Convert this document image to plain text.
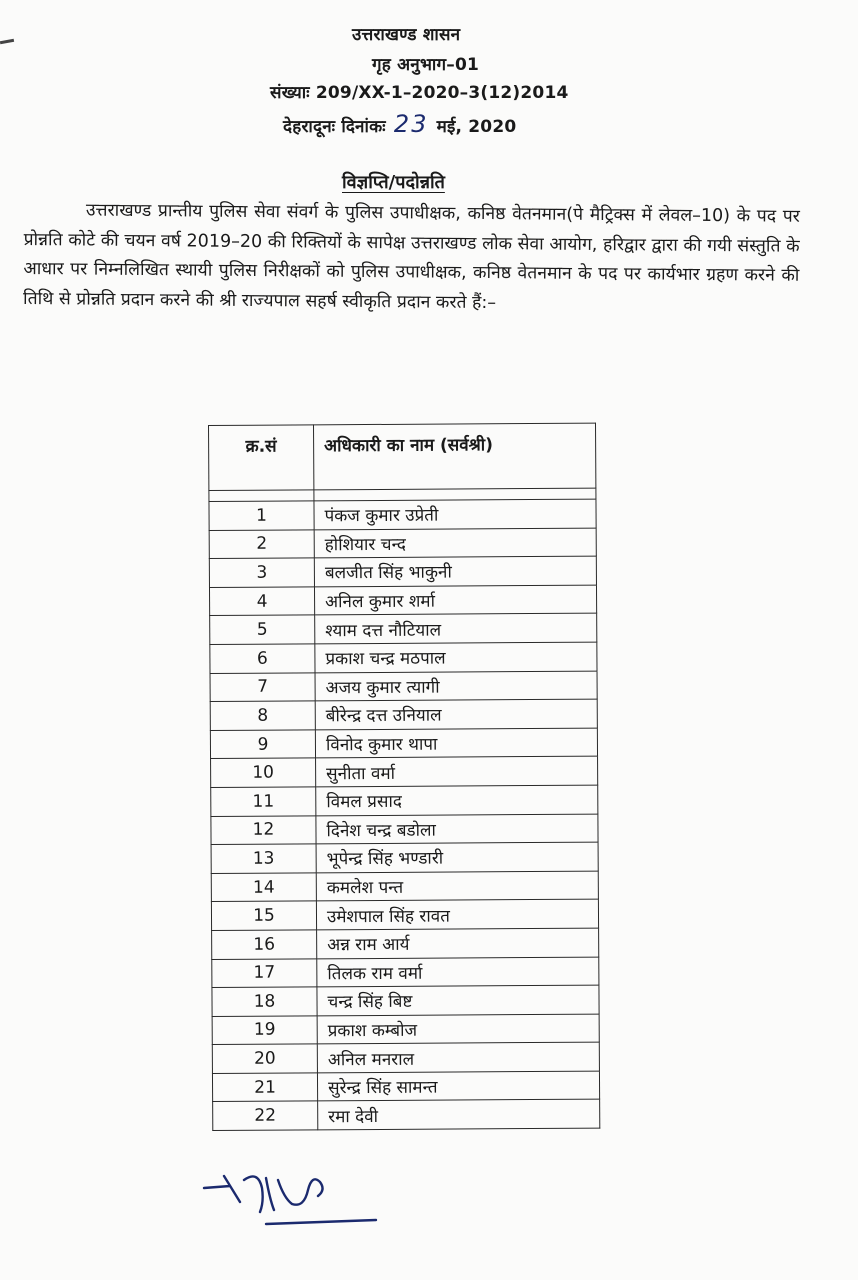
उत्तराखण्ड शासन
गृह अनुभाग–01
संख्याः 209/XX-1–2020–3(12)2014
देहरादूनः दिनांकः 23 मई, 2020
विज्ञप्ति/पदोन्नति
उत्तराखण्ड प्रान्तीय पुलिस सेवा संवर्ग के पुलिस उपाधीक्षक, कनिष्ठ वेतनमान(पे मैट्रिक्स में लेवल–10) के पद पर प्रोन्नति कोटे की चयन वर्ष 2019–20 की रिक्तियों के सापेक्ष उत्तराखण्ड लोक सेवा आयोग, हरिद्वार द्वारा की गयी संस्तुति के आधार पर निम्नलिखित स्थायी पुलिस निरीक्षकों को पुलिस उपाधीक्षक, कनिष्ठ वेतनमान के पद पर कार्यभार ग्रहण करने की तिथि से प्रोन्नति प्रदान करने की श्री राज्यपाल सहर्ष स्वीकृति प्रदान करते हैं:–
क्र.सं	अधिकारी का नाम (सर्वश्री)

1	पंकज कुमार उप्रेती
2	होशियार चन्द
3	बलजीत सिंह भाकुनी
4	अनिल कुमार शर्मा
5	श्याम दत्त नौटियाल
6	प्रकाश चन्द्र मठपाल
7	अजय कुमार त्यागी
8	बीरेन्द्र दत्त उनियाल
9	विनोद कुमार थापा
10	सुनीता वर्मा
11	विमल प्रसाद
12	दिनेश चन्द्र बडोला
13	भूपेन्द्र सिंह भण्डारी
14	कमलेश पन्त
15	उमेशपाल सिंह रावत
16	अन्न राम आर्य
17	तिलक राम वर्मा
18	चन्द्र सिंह बिष्ट
19	प्रकाश कम्बोज
20	अनिल मनराल
21	सुरेन्द्र सिंह सामन्त
22	रमा देवी
